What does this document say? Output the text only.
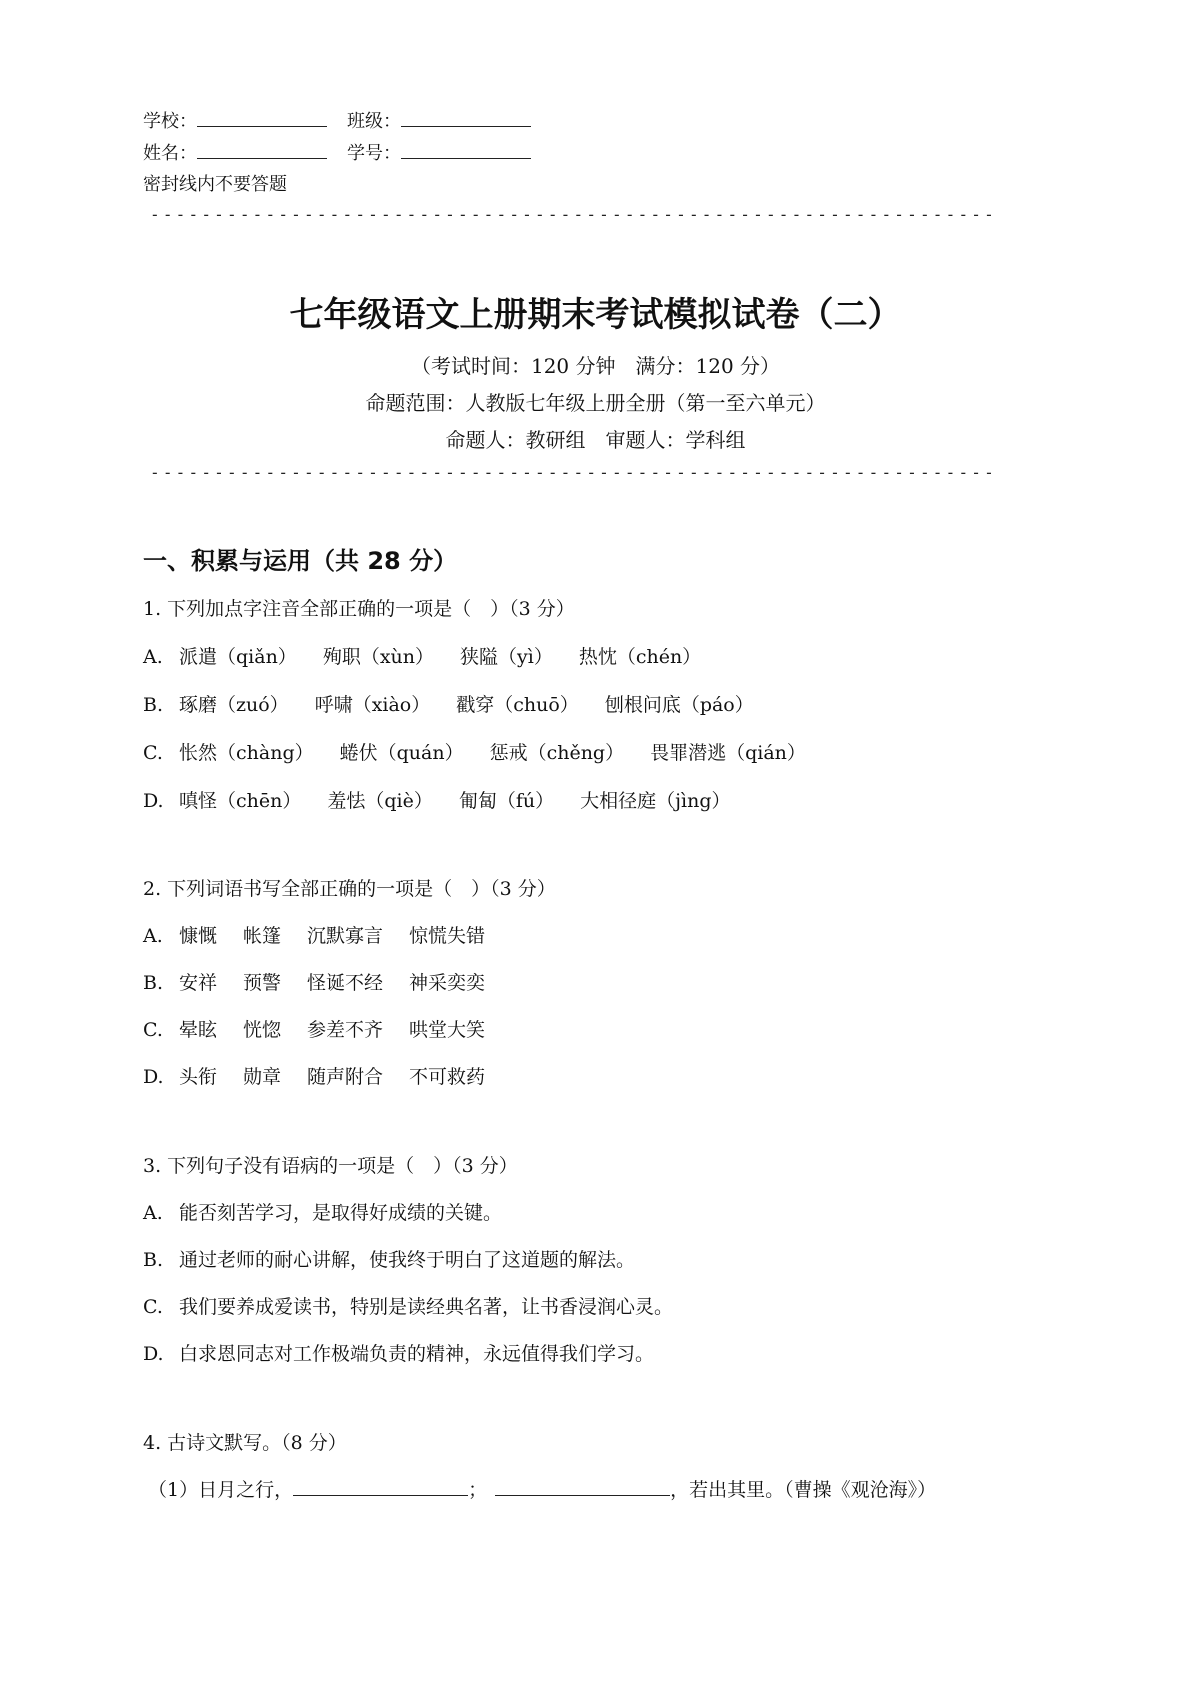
学校：	班级：
姓名：	学号：
密封线内不要答题
------------------------------------------------------------------
七年级语文上册期末考试模拟试卷（二）
（考试时间：120 分钟　满分：120 分）
命题范围：人教版七年级上册全册（第一至六单元）
命题人：教研组　审题人：学科组
------------------------------------------------------------------
一、积累与运用（共 28 分）
1. 下列加点字注音全部正确的一项是（　）（3 分）
A. 派遣（qiǎn） 殉职（xùn） 狭隘（yì） 热忱（chén）
B. 琢磨（zuó） 呼啸（xiào） 戳穿（chuō） 刨根问底（páo）
C. 怅然（chàng） 蜷伏（quán） 惩戒（chěng） 畏罪潜逃（qián）
D. 嗔怪（chēn） 羞怯（qiè） 匍匐（fú） 大相径庭（jìng）
2. 下列词语书写全部正确的一项是（　）（3 分）
A. 慷慨 帐篷 沉默寡言 惊慌失错
B. 安祥 预警 怪诞不经 神采奕奕
C. 晕眩 恍惚 参差不齐 哄堂大笑
D. 头衔 勋章 随声附合 不可救药
3. 下列句子没有语病的一项是（　）（3 分）
A. 能否刻苦学习，是取得好成绩的关键。
B. 通过老师的耐心讲解，使我终于明白了这道题的解法。
C. 我们要养成爱读书，特别是读经典名著，让书香浸润心灵。
D. 白求恩同志对工作极端负责的精神，永远值得我们学习。
4. 古诗文默写。（8 分）
（1）日月之行，	；	，若出其里。（曹操《观沧海》）
